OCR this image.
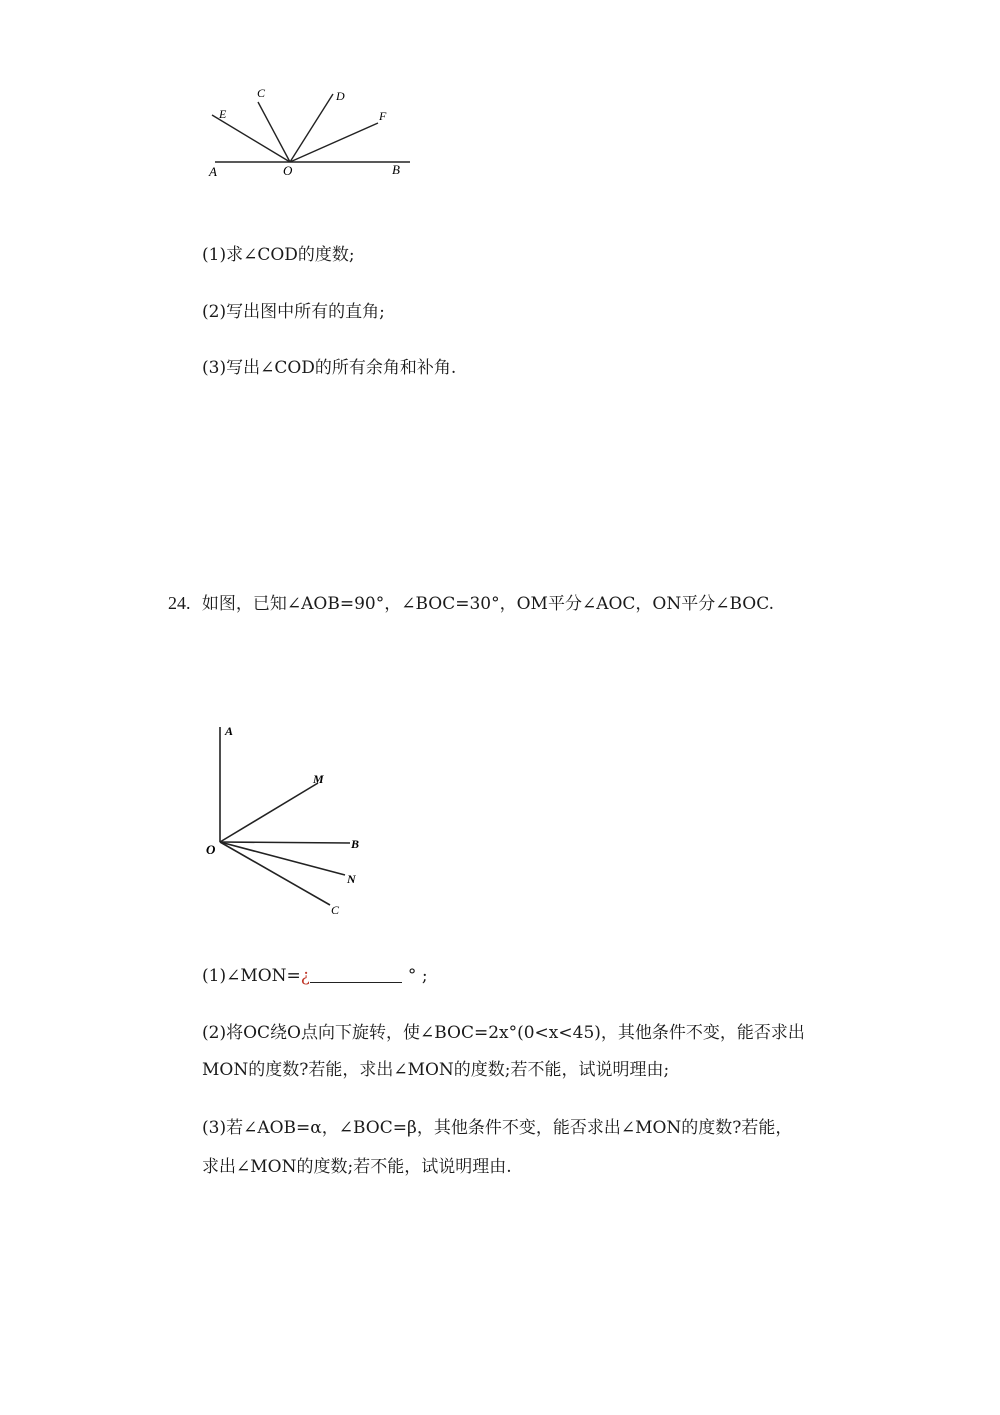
A	O	B
E
C	D
F
(1)求∠COD的度数;
(2)写出图中所有的直角;
(3)写出∠COD的所有余角和补角.
24. 如图，已知∠AOB=90°，∠BOC=30°，OM平分∠AOC，ON平分∠BOC.
A
M
O	B
N
C
(1)∠MON=¿	° ;
(2)将OC绕O点向下旋转，使∠BOC=2x°(0<x<45)，其他条件不变，能否求出
MON的度数?若能，求出∠MON的度数;若不能，试说明理由;
(3)若∠AOB=α，∠BOC=β，其他条件不变，能否求出∠MON的度数?若能，
求出∠MON的度数;若不能，试说明理由.
